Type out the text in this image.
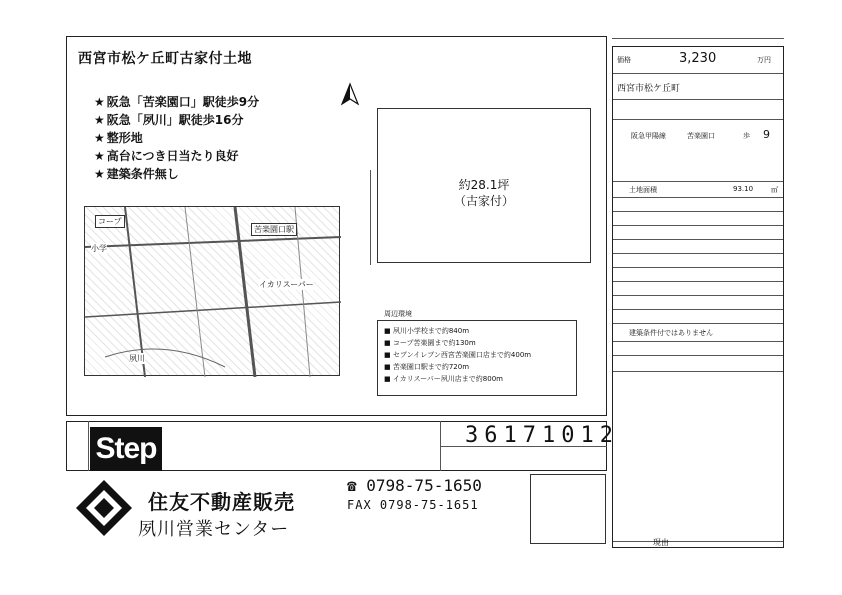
西宮市松ケ丘町古家付土地
★ 阪急「苦楽園口」駅徒歩9分
★ 阪急「夙川」駅徒歩16分
★ 整形地
★ 高台につき日当たり良好
★ 建築条件無し
コープ
苦楽園口駅
イカリスーパー
夙川
小学
約28.1坪
（古家付）
■ 夙川小学校まで約840m
■ コープ苦楽園まで約130m
■ セブンイレブン西宮苦楽園口店まで約400m
■ 苦楽園口駅まで約720m
■ イカリスーパー夙川店まで約800m
周辺環境
価格	3,230	万円
西宮市松ケ丘町
阪急甲陽線	苦楽園口	歩 9
土地面積	93.10	㎡
建築条件付ではありません
現由
Step	36171012
住友不動産販売
夙川営業センター
☎ 0798-75-1650
FAX 0798-75-1651
